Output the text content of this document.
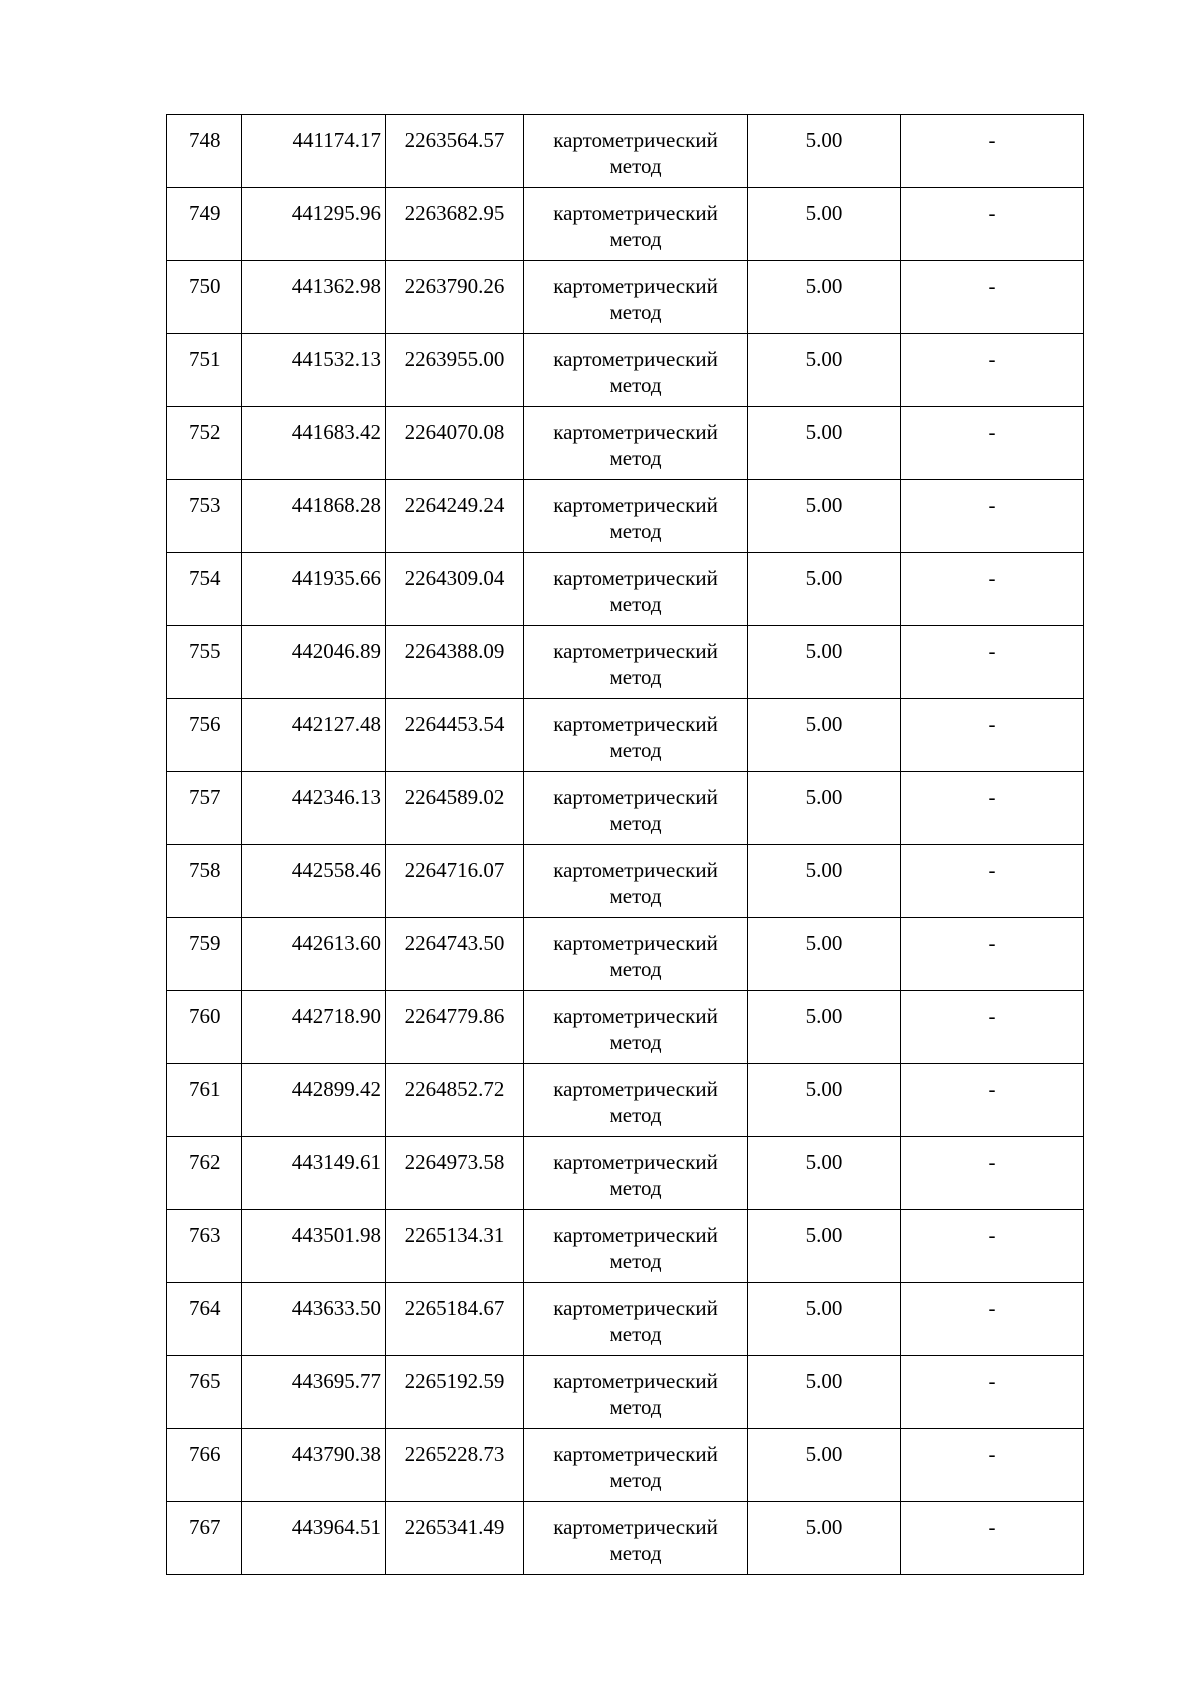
748	441174.17	2263564.57	картометрический
метод	5.00	-

749	441295.96	2263682.95	картометрический
метод	5.00	-

750	441362.98	2263790.26	картометрический
метод	5.00	-

751	441532.13	2263955.00	картометрический
метод	5.00	-

752	441683.42	2264070.08	картометрический
метод	5.00	-

753	441868.28	2264249.24	картометрический
метод	5.00	-

754	441935.66	2264309.04	картометрический
метод	5.00	-

755	442046.89	2264388.09	картометрический
метод	5.00	-

756	442127.48	2264453.54	картометрический
метод	5.00	-

757	442346.13	2264589.02	картометрический
метод	5.00	-

758	442558.46	2264716.07	картометрический
метод	5.00	-

759	442613.60	2264743.50	картометрический
метод	5.00	-

760	442718.90	2264779.86	картометрический
метод	5.00	-

761	442899.42	2264852.72	картометрический
метод	5.00	-

762	443149.61	2264973.58	картометрический
метод	5.00	-

763	443501.98	2265134.31	картометрический
метод	5.00	-

764	443633.50	2265184.67	картометрический
метод	5.00	-

765	443695.77	2265192.59	картометрический
метод	5.00	-

766	443790.38	2265228.73	картометрический
метод	5.00	-

767	443964.51	2265341.49	картометрический
метод	5.00	-
